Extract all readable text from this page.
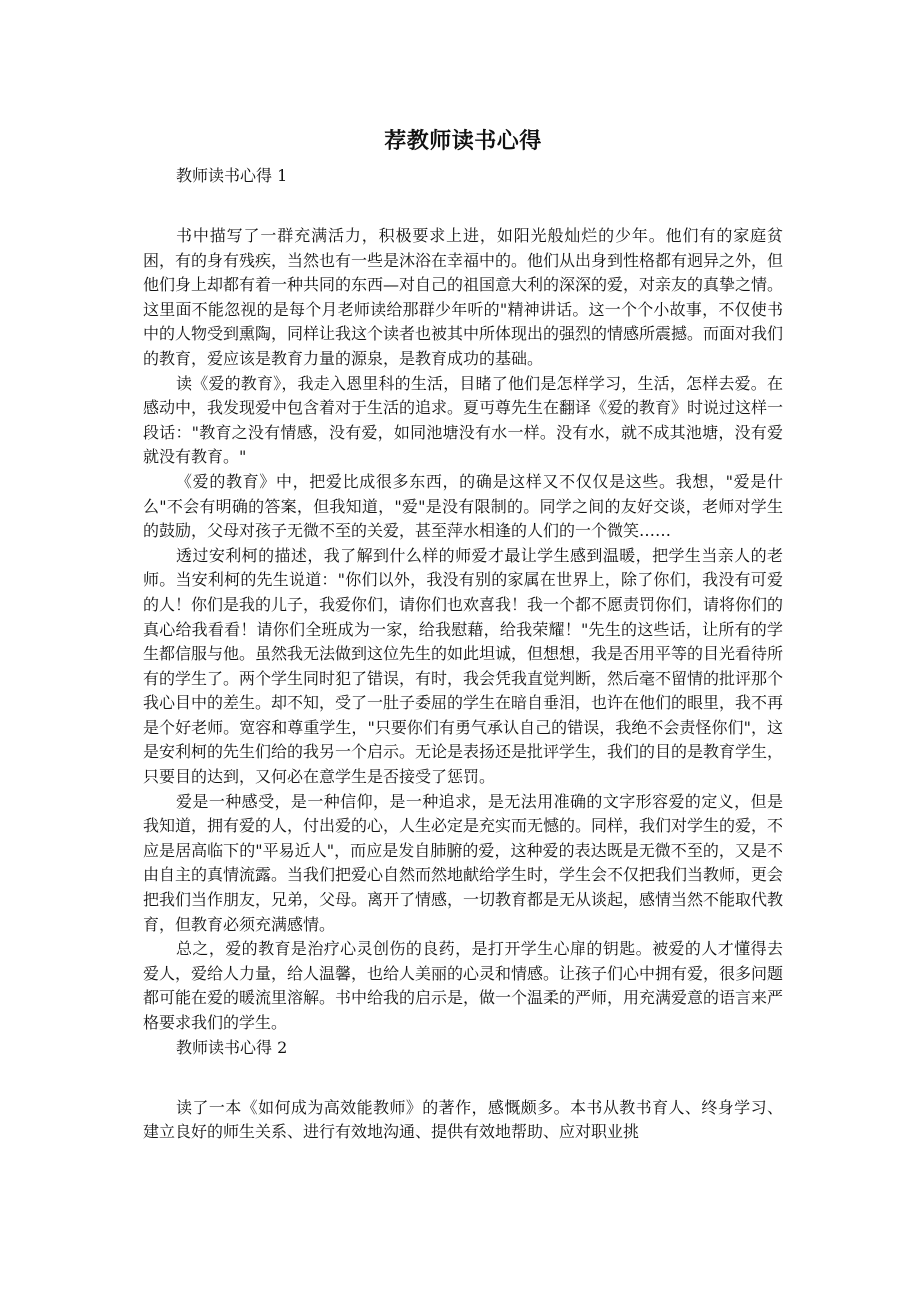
荐教师读书心得
教师读书心得 1

书中描写了一群充满活力，积极要求上进，如阳光般灿烂的少年。他们有的家庭贫困，有的身有残疾，当然也有一些是沐浴在幸福中的。他们从出身到性格都有迥异之外，但他们身上却都有着一种共同的东西—对自己的祖国意大利的深深的爱，对亲友的真挚之情。这里面不能忽视的是每个月老师读给那群少年听的"精神讲话。这一个个小故事，不仅使书中的人物受到熏陶，同样让我这个读者也被其中所体现出的强烈的情感所震撼。而面对我们的教育，爱应该是教育力量的源泉，是教育成功的基础。

读《爱的教育》，我走入恩里科的生活，目睹了他们是怎样学习，生活，怎样去爱。在感动中，我发现爱中包含着对于生活的追求。夏丏尊先生在翻译《爱的教育》时说过这样一段话："教育之没有情感，没有爱，如同池塘没有水一样。没有水，就不成其池塘，没有爱就没有教育。"

《爱的教育》中，把爱比成很多东西，的确是这样又不仅仅是这些。我想，"爱是什么"不会有明确的答案，但我知道，"爱"是没有限制的。同学之间的友好交谈，老师对学生的鼓励，父母对孩子无微不至的关爱，甚至萍水相逢的人们的一个微笑……

透过安利柯的描述，我了解到什么样的师爱才最让学生感到温暖，把学生当亲人的老师。当安利柯的先生说道："你们以外，我没有别的家属在世界上，除了你们，我没有可爱的人！你们是我的儿子，我爱你们，请你们也欢喜我！我一个都不愿责罚你们，请将你们的真心给我看看！请你们全班成为一家，给我慰藉，给我荣耀！"先生的这些话，让所有的学生都信服与他。虽然我无法做到这位先生的如此坦诚，但想想，我是否用平等的目光看待所有的学生了。两个学生同时犯了错误，有时，我会凭我直觉判断，然后毫不留情的批评那个我心目中的差生。却不知，受了一肚子委屈的学生在暗自垂泪，也许在他们的眼里，我不再是个好老师。宽容和尊重学生，"只要你们有勇气承认自己的错误，我绝不会责怪你们"，这是安利柯的先生们给的我另一个启示。无论是表扬还是批评学生，我们的目的是教育学生，只要目的达到，又何必在意学生是否接受了惩罚。

爱是一种感受，是一种信仰，是一种追求，是无法用准确的文字形容爱的定义，但是我知道，拥有爱的人，付出爱的心，人生必定是充实而无憾的。同样，我们对学生的爱，不应是居高临下的"平易近人"，而应是发自肺腑的爱，这种爱的表达既是无微不至的，又是不由自主的真情流露。当我们把爱心自然而然地献给学生时，学生会不仅把我们当教师，更会把我们当作朋友，兄弟，父母。离开了情感，一切教育都是无从谈起，感情当然不能取代教育，但教育必须充满感情。

总之，爱的教育是治疗心灵创伤的良药，是打开学生心扉的钥匙。被爱的人才懂得去爱人，爱给人力量，给人温馨，也给人美丽的心灵和情感。让孩子们心中拥有爱，很多问题都可能在爱的暖流里溶解。书中给我的启示是，做一个温柔的严师，用充满爱意的语言来严格要求我们的学生。

教师读书心得 2

读了一本《如何成为高效能教师》的著作，感慨颇多。本书从教书育人、终身学习、建立良好的师生关系、进行有效地沟通、提供有效地帮助、应对职业挑
